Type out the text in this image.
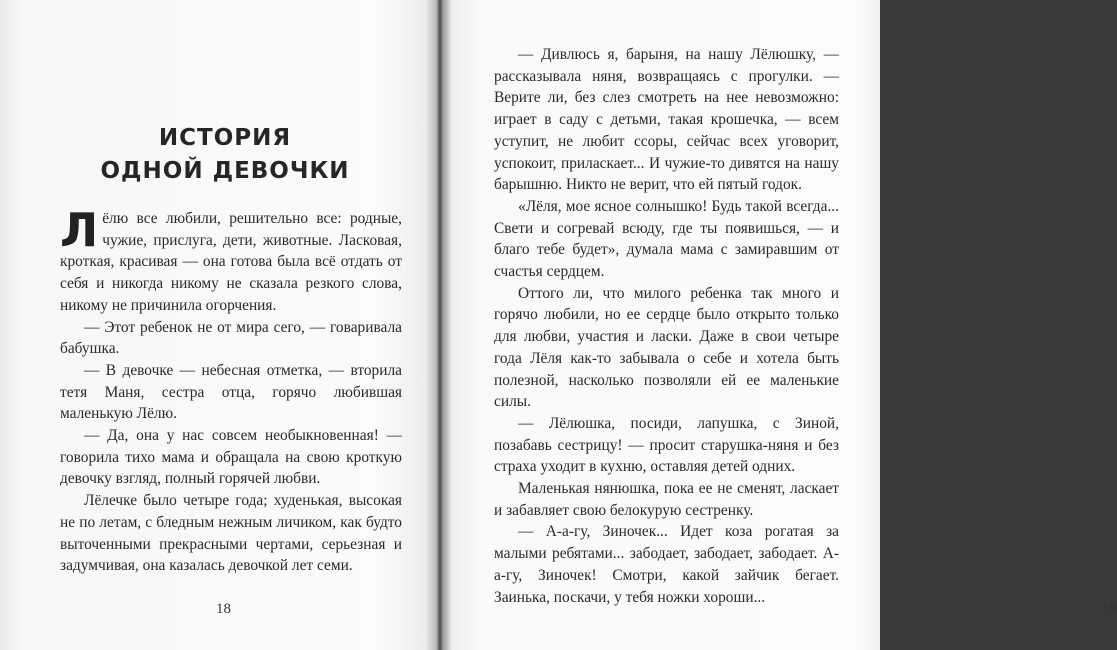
ИСТОРИЯ
ОДНОЙ ДЕВОЧКИ
Лёлю все любили, решительно все: родные, чужие, прислуга, дети, животные. Ласковая, кроткая, красивая — она готова была всё отдать от себя и никогда никому не сказала резкого слова, никому не причинила огорчения.
— Этот ребенок не от мира сего, — говаривала бабушка.
— В девочке — небесная отметка, — вторила тетя Маня, сестра отца, горячо любившая маленькую Лёлю.
— Да, она у нас совсем необыкновенная! — говорила тихо мама и обращала на свою кроткую девочку взгляд, полный горячей любви.
Лёлечке было четыре года; худенькая, высокая не по летам, с бледным нежным личиком, как будто выточенными прекрасными чертами, серьезная и задумчивая, она казалась девочкой лет семи.
18
— Дивлюсь я, барыня, на нашу Лёлюшку, — рассказывала няня, возвращаясь с прогулки. — Верите ли, без слез смотреть на нее невозможно: играет в саду с детьми, такая крошечка, — всем уступит, не любит ссоры, сейчас всех уговорит, успокоит, приласкает... И чужие-то дивятся на нашу барышню. Никто не верит, что ей пятый годок.
«Лёля, мое ясное солнышко! Будь такой всегда... Свети и согревай всюду, где ты появишься, — и благо тебе будет», думала мама с замиравшим от счастья сердцем.
Оттого ли, что милого ребенка так много и горячо любили, но ее сердце было открыто только для любви, участия и ласки. Даже в свои четыре года Лёля как-то забывала о себе и хотела быть полезной, насколько позволяли ей ее маленькие силы.
— Лёлюшка, посиди, лапушка, с Зиной, позабавь сестрицу! — просит старушка-няня и без страха уходит в кухню, оставляя детей одних.
Маленькая нянюшка, пока ее не сменят, ласкает и забавляет свою белокурую сестренку.
— А-а-гу, Зиночек... Идет коза рогатая за малыми ребятами... забодает, забодает, забодает. А-а-гу, Зиночек! Смотри, какой зайчик бегает. Заинька, поскачи, у тебя ножки хороши...
19
